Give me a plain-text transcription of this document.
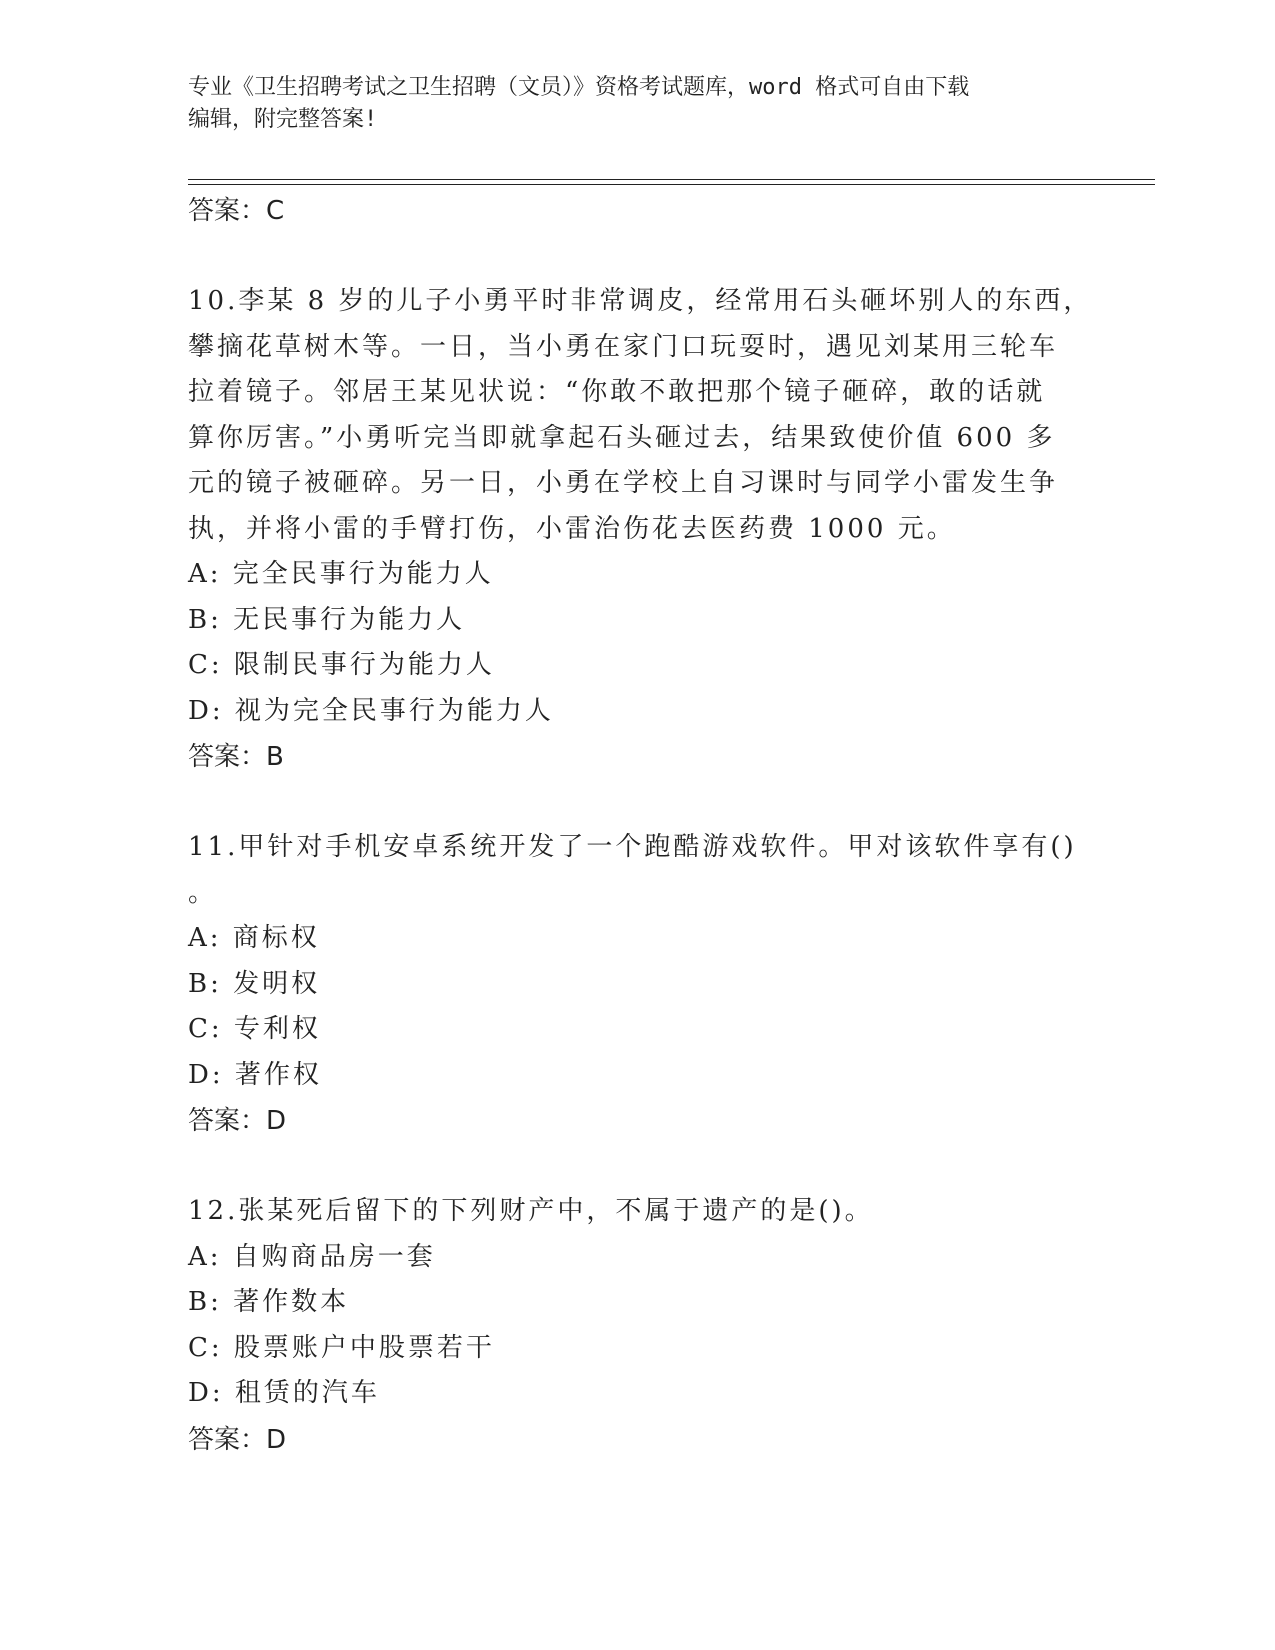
专业《卫生招聘考试之卫生招聘（文员）》资格考试题库，word 格式可自由下载
编辑，附完整答案!
答案：C
10.李某 8 岁的儿子小勇平时非常调皮，经常用石头砸坏别人的东西，
攀摘花草树木等。一日，当小勇在家门口玩耍时，遇见刘某用三轮车
拉着镜子。邻居王某见状说：“你敢不敢把那个镜子砸碎，敢的话就
算你厉害。”小勇听完当即就拿起石头砸过去，结果致使价值 600 多
元的镜子被砸碎。另一日，小勇在学校上自习课时与同学小雷发生争
执，并将小雷的手臂打伤，小雷治伤花去医药费 1000 元。
A: 完全民事行为能力人
B: 无民事行为能力人
C: 限制民事行为能力人
D: 视为完全民事行为能力人
答案：B
11.甲针对手机安卓系统开发了一个跑酷游戏软件。甲对该软件享有()
。
A: 商标权
B: 发明权
C: 专利权
D: 著作权
答案：D
12.张某死后留下的下列财产中，不属于遗产的是()。
A: 自购商品房一套
B: 著作数本
C: 股票账户中股票若干
D: 租赁的汽车
答案：D
